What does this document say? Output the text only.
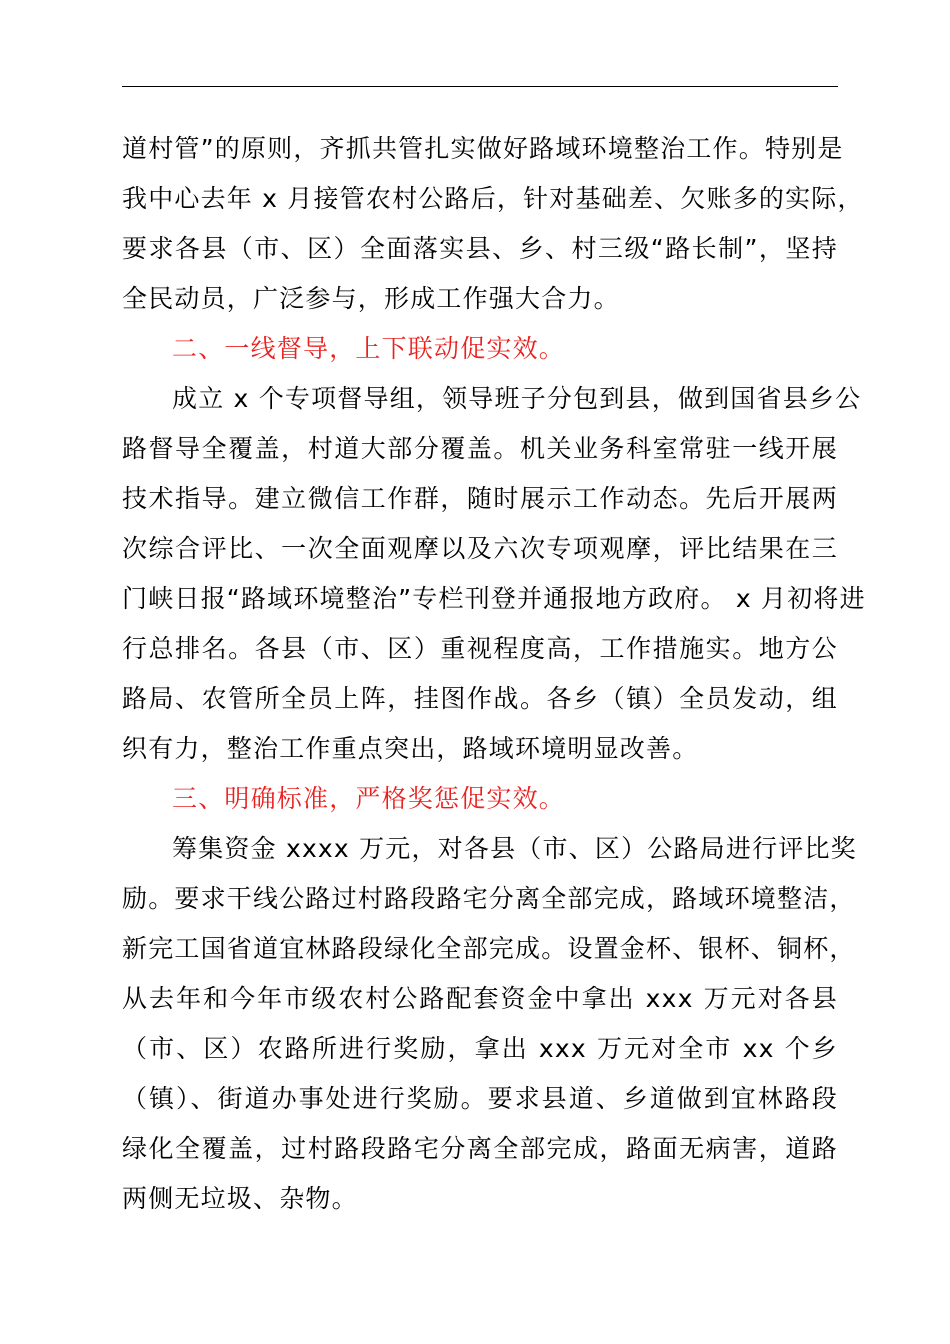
道村管”的原则，齐抓共管扎实做好路域环境整治工作。特别是
我中心去年 x 月接管农村公路后，针对基础差、欠账多的实际，
要求各县（市、区）全面落实县、乡、村三级“路长制”，坚持
全民动员，广泛参与，形成工作强大合力。
二、一线督导，上下联动促实效。
成立 x 个专项督导组，领导班子分包到县，做到国省县乡公
路督导全覆盖，村道大部分覆盖。机关业务科室常驻一线开展
技术指导。建立微信工作群，随时展示工作动态。先后开展两
次综合评比、一次全面观摩以及六次专项观摩，评比结果在三
门峡日报“路域环境整治”专栏刊登并通报地方政府。 x 月初将进
行总排名。各县（市、区）重视程度高，工作措施实。地方公
路局、农管所全员上阵，挂图作战。各乡（镇）全员发动，组
织有力，整治工作重点突出，路域环境明显改善。
三、明确标准，严格奖惩促实效。
筹集资金 xxxx 万元，对各县（市、区）公路局进行评比奖
励。要求干线公路过村路段路宅分离全部完成，路域环境整洁，
新完工国省道宜林路段绿化全部完成。设置金杯、银杯、铜杯，
从去年和今年市级农村公路配套资金中拿出 xxx 万元对各县
（市、区）农路所进行奖励，拿出 xxx 万元对全市 xx 个乡
（镇）、街道办事处进行奖励。要求县道、乡道做到宜林路段
绿化全覆盖，过村路段路宅分离全部完成，路面无病害，道路
两侧无垃圾、杂物。
